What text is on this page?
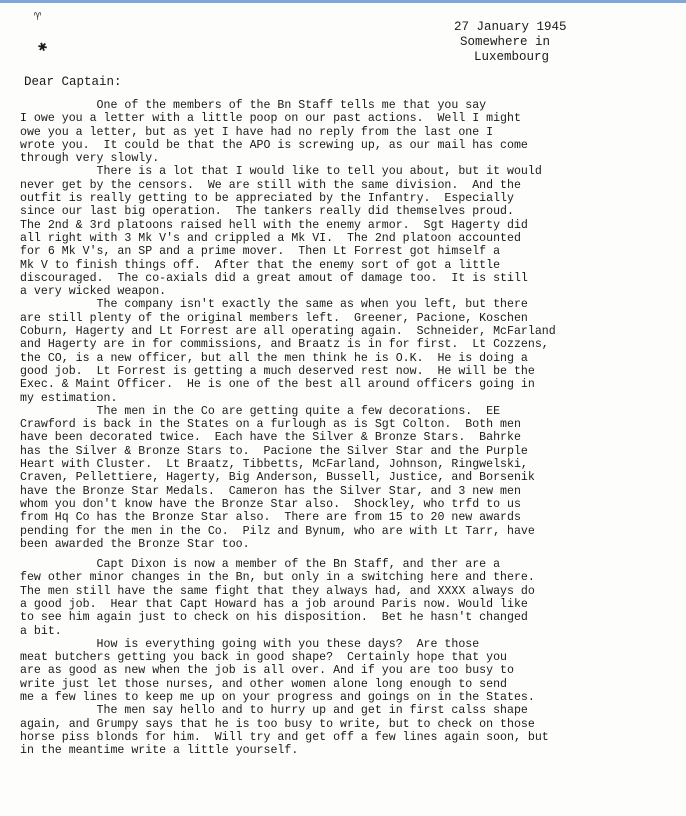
♈
✱
27 January 1945
Somewhere in
Luxembourg
Dear Captain:
One of the members of the Bn Staff tells me that you say
I owe you a letter with a little poop on our past actions.  Well I might
owe you a letter, but as yet I have had no reply from the last one I
wrote you.  It could be that the APO is screwing up, as our mail has come
through very slowly.
There is a lot that I would like to tell you about, but it would
never get by the censors.  We are still with the same division.  And the
outfit is really getting to be appreciated by the Infantry.  Especially
since our last big operation.  The tankers really did themselves proud.
The 2nd & 3rd platoons raised hell with the enemy armor.  Sgt Hagerty did
all right with 3 Mk V's and crippled a Mk VI.  The 2nd platoon accounted
for 6 Mk V's, an SP and a prime mover.  Then Lt Forrest got himself a
Mk V to finish things off.  After that the enemy sort of got a little
discouraged.  The co-axials did a great amout of damage too.  It is still
a very wicked weapon.
The company isn't exactly the same as when you left, but there
are still plenty of the original members left.  Greener, Pacione, Koschen
Coburn, Hagerty and Lt Forrest are all operating again.  Schneider, McFarland
and Hagerty are in for commissions, and Braatz is in for first.  Lt Cozzens,
the CO, is a new officer, but all the men think he is O.K.  He is doing a
good job.  Lt Forrest is getting a much deserved rest now.  He will be the
Exec. & Maint Officer.  He is one of the best all around officers going in
my estimation.
The men in the Co are getting quite a few decorations.  EE
Crawford is back in the States on a furlough as is Sgt Colton.  Both men
have been decorated twice.  Each have the Silver & Bronze Stars.  Bahrke
has the Silver & Bronze Stars to.  Pacione the Silver Star and the Purple
Heart with Cluster.  Lt Braatz, Tibbetts, McFarland, Johnson, Ringwelski,
Craven, Pellettiere, Hagerty, Big Anderson, Bussell, Justice, and Borsenik
have the Bronze Star Medals.  Cameron has the Silver Star, and 3 new men
whom you don't know have the Bronze Star also.  Shockley, who trfd to us
from Hq Co has the Bronze Star also.  There are from 15 to 20 new awards
pending for the men in the Co.  Pilz and Bynum, who are with Lt Tarr, have
been awarded the Bronze Star too.
Capt Dixon is now a member of the Bn Staff, and ther are a
few other minor changes in the Bn, but only in a switching here and there.
The men still have the same fight that they always had, and XXXX always do
a good job.  Hear that Capt Howard has a job around Paris now. Would like
to see him again just to check on his disposition.  Bet he hasn't changed
a bit.
How is everything going with you these days?  Are those
meat butchers getting you back in good shape?  Certainly hope that you
are as good as new when the job is all over. And if you are too busy to
write just let those nurses, and other women alone long enough to send
me a few lines to keep me up on your progress and goings on in the States.
The men say hello and to hurry up and get in first calss shape
again, and Grumpy says that he is too busy to write, but to check on those
horse piss blonds for him.  Will try and get off a few lines again soon, but
in the meantime write a little yourself.
